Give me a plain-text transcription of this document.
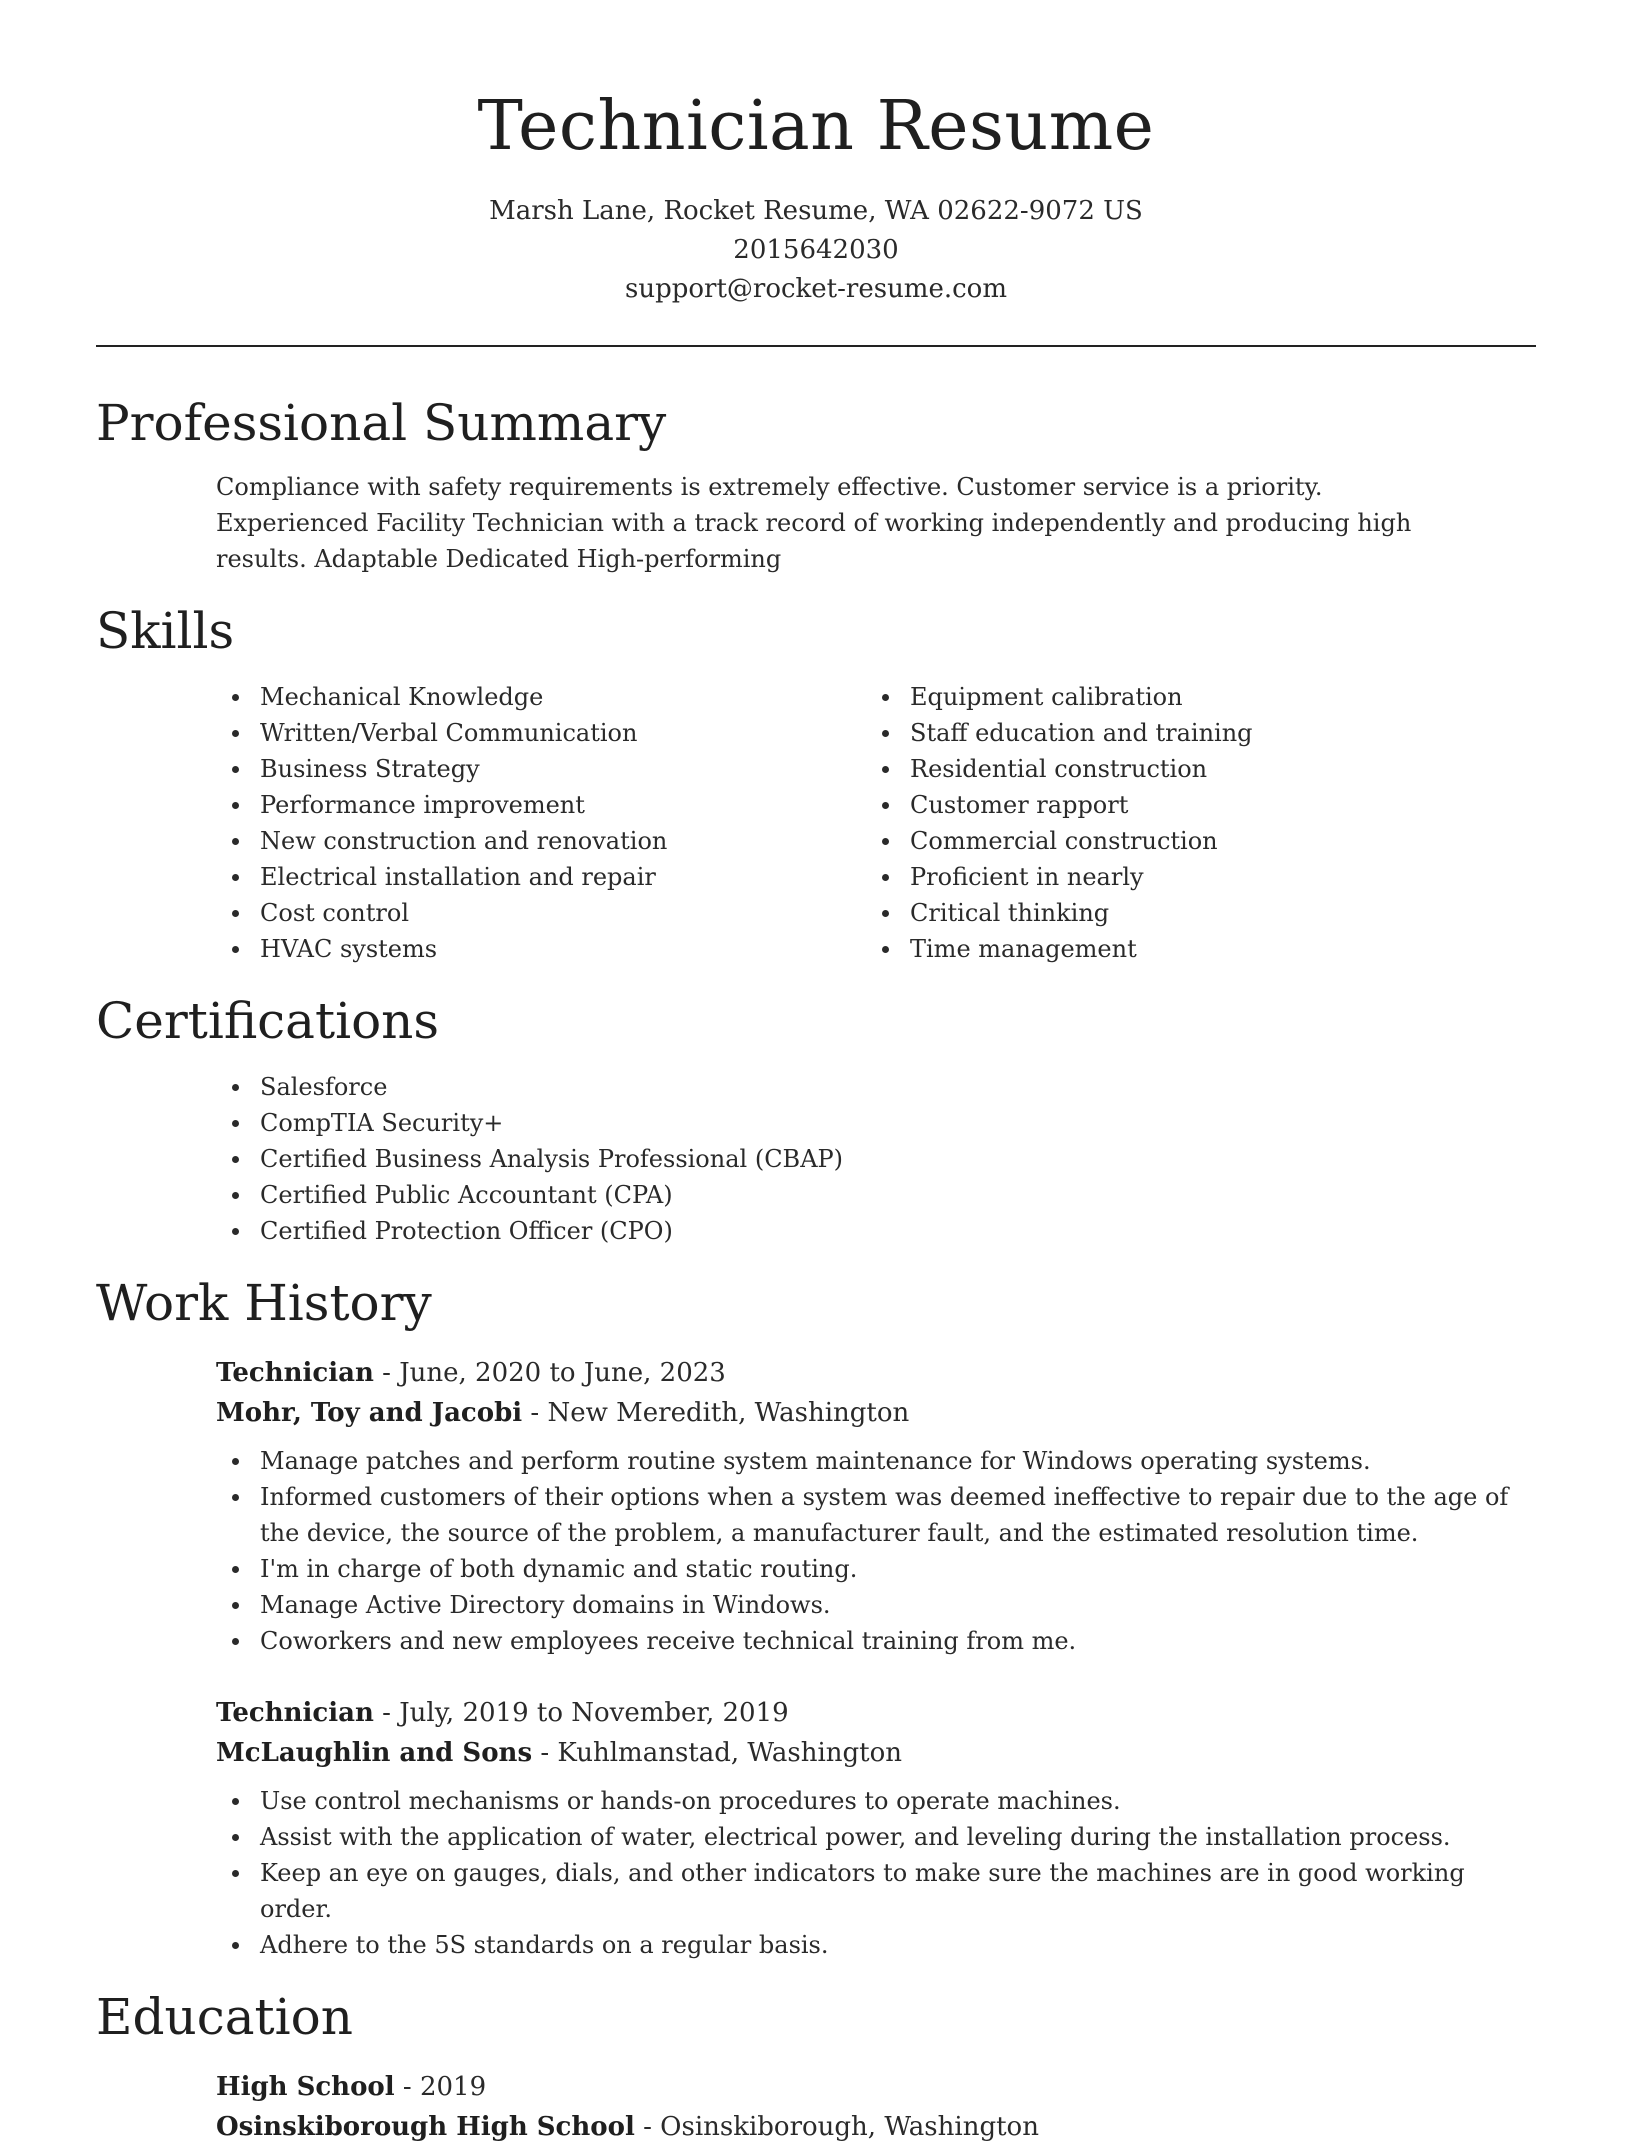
Technician Resume
Marsh Lane, Rocket Resume, WA 02622-9072 US
2015642030
support@rocket-resume.com
Professional Summary
Compliance with safety requirements is extremely effective. Customer service is a priority. Experienced Facility Technician with a track record of working independently and producing high results. Adaptable Dedicated High-performing
Skills
Mechanical Knowledge
Written/Verbal Communication
Business Strategy
Performance improvement
New construction and renovation
Electrical installation and repair
Cost control
HVAC systems
Equipment calibration
Staff education and training
Residential construction
Customer rapport
Commercial construction
Proficient in nearly
Critical thinking
Time management
Certifications
Salesforce
CompTIA Security+
Certified Business Analysis Professional (CBAP)
Certified Public Accountant (CPA)
Certified Protection Officer (CPO)
Work History
Technician - June, 2020 to June, 2023
Mohr, Toy and Jacobi - New Meredith, Washington
Manage patches and perform routine system maintenance for Windows operating systems.
Informed customers of their options when a system was deemed ineffective to repair due to the age of the device, the source of the problem, a manufacturer fault, and the estimated resolution time.
I'm in charge of both dynamic and static routing.
Manage Active Directory domains in Windows.
Coworkers and new employees receive technical training from me.
Technician - July, 2019 to November, 2019
McLaughlin and Sons - Kuhlmanstad, Washington
Use control mechanisms or hands-on procedures to operate machines.
Assist with the application of water, electrical power, and leveling during the installation process.
Keep an eye on gauges, dials, and other indicators to make sure the machines are in good working order.
Adhere to the 5S standards on a regular basis.
Education
High School - 2019
Osinskiborough High School - Osinskiborough, Washington
